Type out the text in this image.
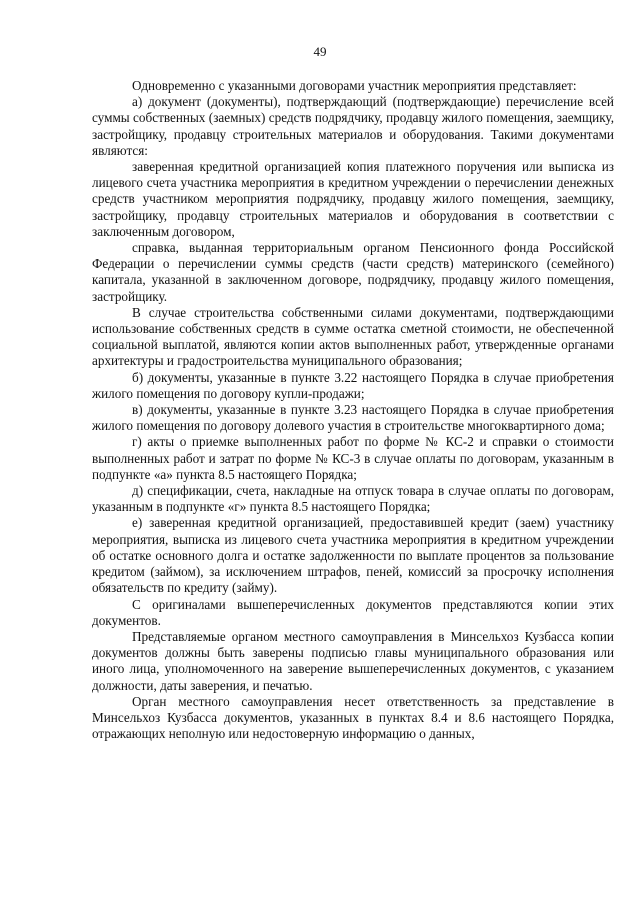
49

Одновременно с указанными договорами участник мероприятия представляет:

а) документ (документы), подтверждающий (подтверждающие) перечисление всей суммы собственных (заемных) средств подрядчику, продавцу жилого помещения, заемщику, застройщику, продавцу строительных материалов и оборудования. Такими документами являются:

заверенная кредитной организацией копия платежного поручения или выписка из лицевого счета участника мероприятия в кредитном учреждении о перечислении денежных средств участником мероприятия подрядчику, продавцу жилого помещения, заемщику, застройщику, продавцу строительных материалов и оборудования в соответствии с заключенным договором,

справка, выданная территориальным органом Пенсионного фонда Российской Федерации о перечислении суммы средств (части средств) материнского (семейного) капитала, указанной в заключенном договоре, подрядчику, продавцу жилого помещения, застройщику.

В случае строительства собственными силами документами, подтверждающими использование собственных средств в сумме остатка сметной стоимости, не обеспеченной социальной выплатой, являются копии актов выполненных работ, утвержденные органами архитектуры и градостроительства муниципального образования;

б) документы, указанные в пункте 3.22 настоящего Порядка в случае приобретения жилого помещения по договору купли-продажи;

в) документы, указанные в пункте 3.23 настоящего Порядка в случае приобретения жилого помещения по договору долевого участия в строительстве многоквартирного дома;

г) акты о приемке выполненных работ по форме № КС-2 и справки о стоимости выполненных работ и затрат по форме № КС-3 в случае оплаты по договорам, указанным в подпункте «а» пункта 8.5 настоящего Порядка;

д) спецификации, счета, накладные на отпуск товара в случае оплаты по договорам, указанным в подпункте «г» пункта 8.5 настоящего Порядка;

е) заверенная кредитной организацией, предоставившей кредит (заем) участнику мероприятия, выписка из лицевого счета участника мероприятия в кредитном учреждении об остатке основного долга и остатке задолженности по выплате процентов за пользование кредитом (займом), за исключением штрафов, пеней, комиссий за просрочку исполнения обязательств по кредиту (займу).

С оригиналами вышеперечисленных документов представляются копии этих документов.

Представляемые органом местного самоуправления в Минсельхоз Кузбасса копии документов должны быть заверены подписью главы муниципального образования или иного лица, уполномоченного на заверение вышеперечисленных документов, с указанием должности, даты заверения, и печатью.

Орган местного самоуправления несет ответственность за представление в Минсельхоз Кузбасса документов, указанных в пунктах 8.4 и 8.6 настоящего Порядка, отражающих неполную или недостоверную информацию о данных,
